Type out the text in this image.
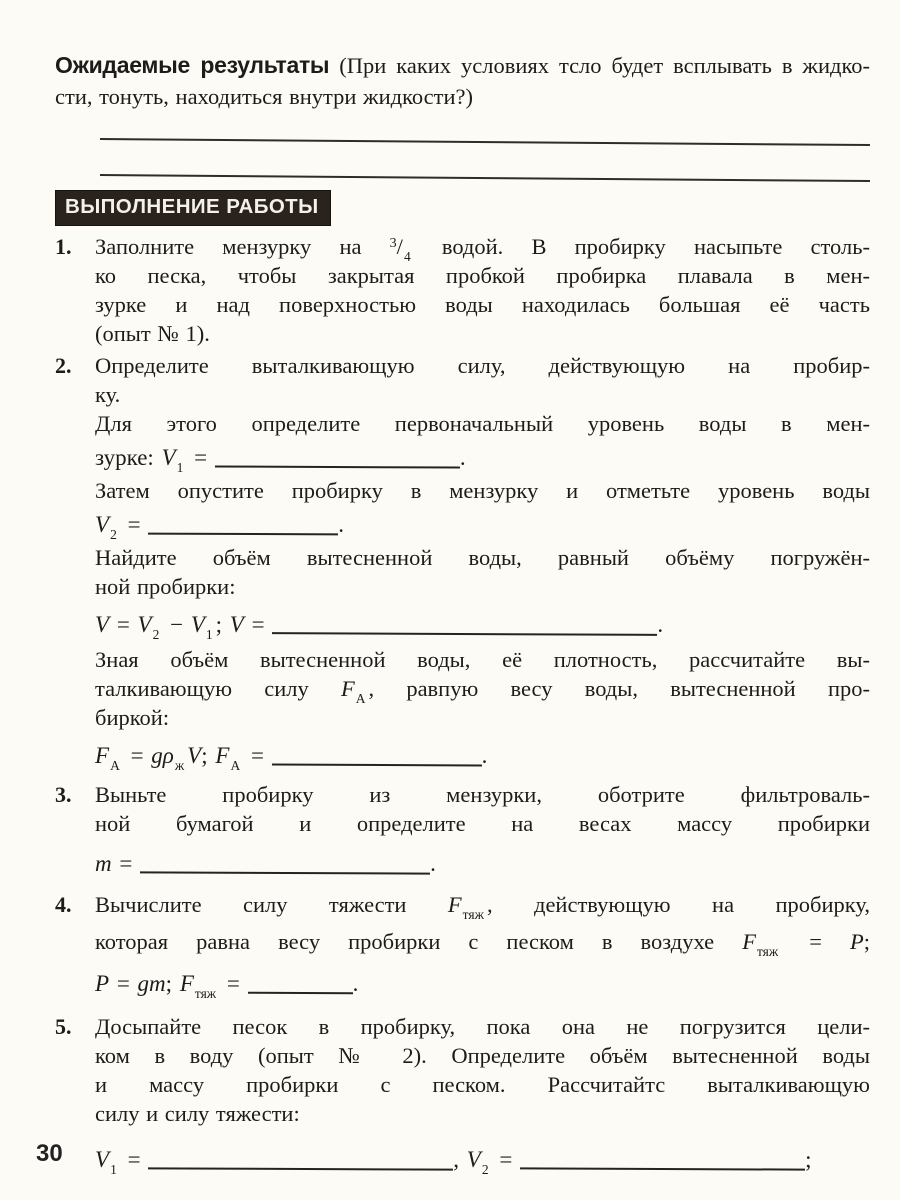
Ожидаемые результаты (При каких условиях тсло будет всплывать в жидко-
сти, тонуть, находиться внутри жидкости?)
ВЫПОЛНЕНИЕ РАБОТЫ
1.	Заполните мензурку на $^3/_4$ водой. В пробирку насыпьте столь-
ко песка, чтобы закрытая пробкой пробирка плавала в мен-
зурке и над поверхностью воды находилась большая её часть
(опыт № 1).
2.	Определите выталкивающую силу, действующую на пробир-
ку.
Для этого определите первоначальный уровень воды в мен-
зурке: $V_1$ =	.
Затем опустите пробирку в мензурку и отметьте уровень воды
$V_2$ =	.
Найдите объём вытесненной воды, равный объёму погружён-
ной пробирки:
$V = V_2 - V_1$ ; V =	.
Зная объём вытесненной воды, её плотность, рассчитайте вы-
талкивающую силу $F_А$ , равпую весу воды, вытесненной про-
биркой:
$F_А = g\rho_ж$ V; $F_А$ =	.
3.	Выньте пробирку из мензурки, оботрите фильтроваль-
ной бумагой и определите на весах массу пробирки
m =	.
4.	Вычислите силу тяжести $F_{тяж}$ , действующую на пробирку,
которая равна весу пробирки с песком в воздухе $F_{тяж} = P$;
P = gm; $F_{тяж}$ =	.
5.	Досыпайте песок в пробирку, пока она не погрузится цели-
ком в воду (опыт № 2). Определите объём вытесненной воды
и массу пробирки с песком. Рассчитайтс выталкивающую
силу и силу тяжести:
$V_1$ =	, $V_2$ =	;
30
